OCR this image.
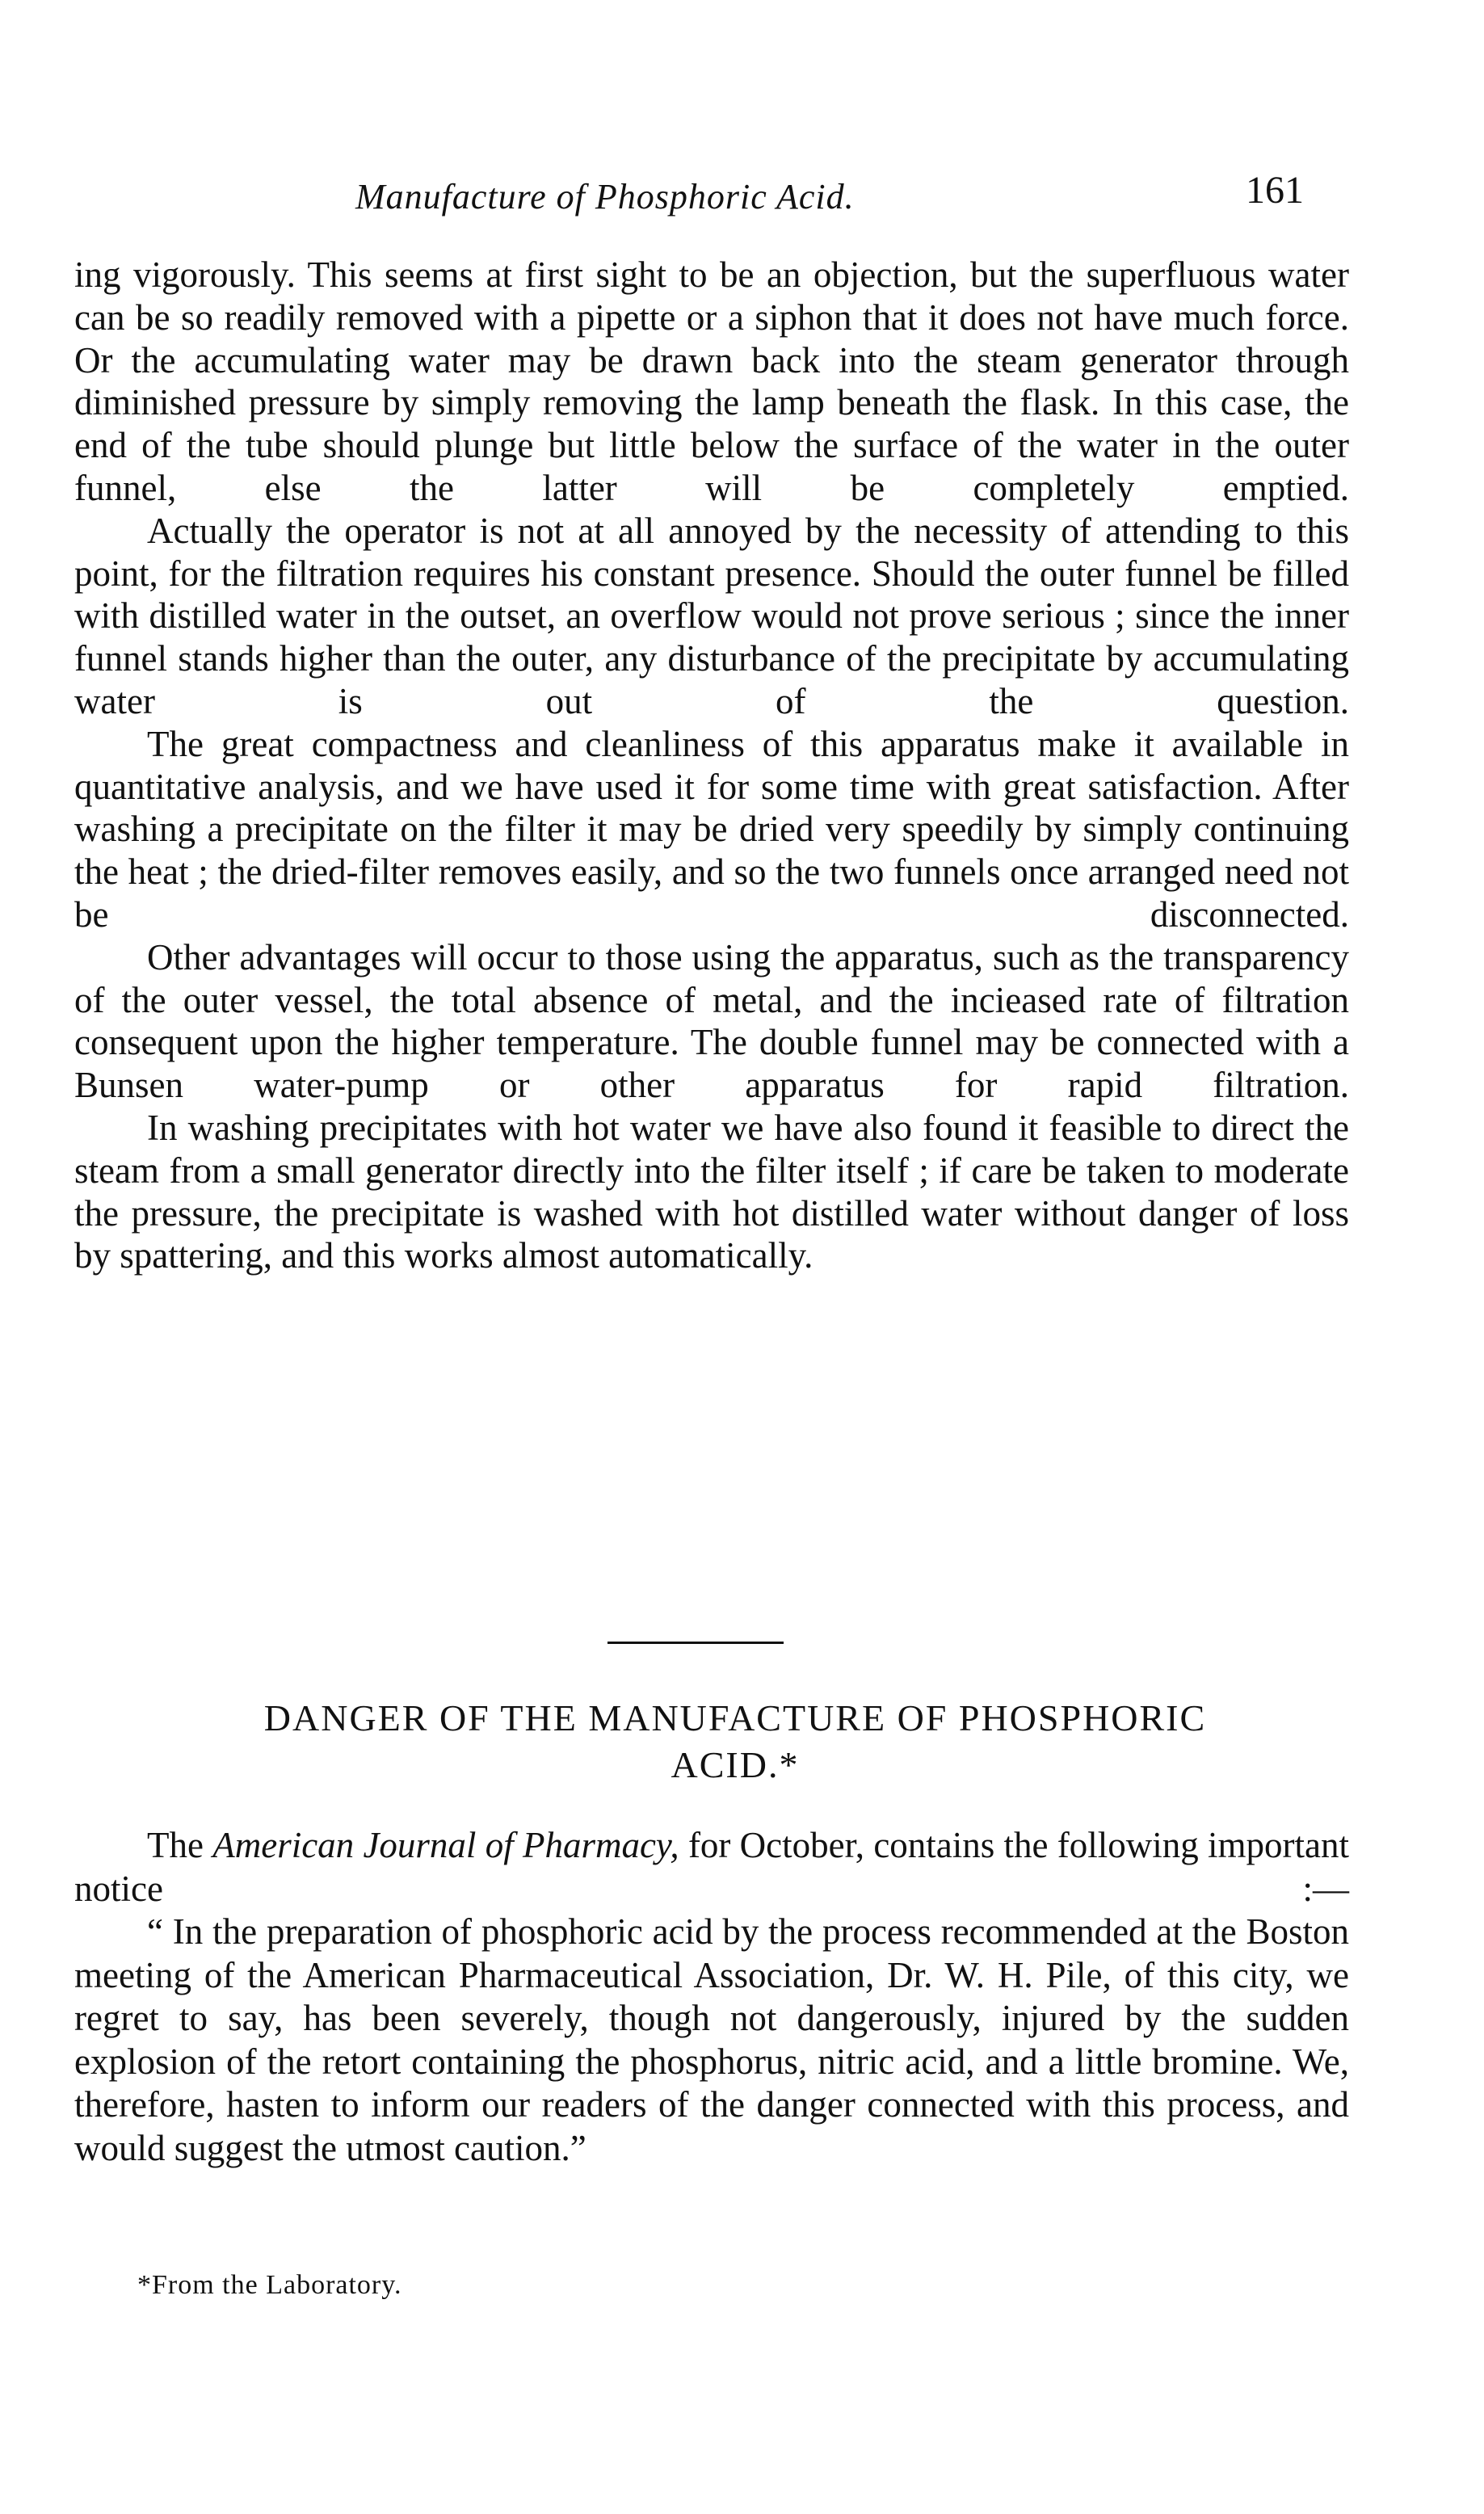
Manufacture of Phosphoric Acid.	161

ing vigorously. This seems at first sight to be an objection, but the superfluous water can be so readily removed with a pipette or a siphon that it does not have much force. Or the accumulating water may be drawn back into the steam generator through diminished pressure by simply removing the lamp beneath the flask. In this case, the end of the tube should plunge but little below the surface of the water in the outer funnel, else the latter will be completely emptied.

Actually the operator is not at all annoyed by the necessity of attending to this point, for the filtration requires his constant presence. Should the outer funnel be filled with distilled water in the outset, an overflow would not prove serious ; since the inner funnel stands higher than the outer, any disturbance of the precipitate by accumulating water is out of the question.

The great compactness and cleanliness of this apparatus make it available in quantitative analysis, and we have used it for some time with great satisfaction. After washing a precipitate on the filter it may be dried very speedily by simply continuing the heat ; the dried-filter removes easily, and so the two funnels once arranged need not be disconnected.

Other advantages will occur to those using the apparatus, such as the transparency of the outer vessel, the total absence of metal, and the incieased rate of filtration consequent upon the higher temperature. The double funnel may be connected with a Bunsen water-pump or other apparatus for rapid filtration.

In washing precipitates with hot water we have also found it feasible to direct the steam from a small generator directly into the filter itself ; if care be taken to moderate the pressure, the precipitate is washed with hot distilled water without danger of loss by spattering, and this works almost automatically.

DANGER OF THE MANUFACTURE OF PHOSPHORIC
ACID.*

The American Journal of Pharmacy, for October, contains the following important notice :—

“ In the preparation of phosphoric acid by the process recommended at the Boston meeting of the American Pharmaceutical Association, Dr. W. H. Pile, of this city, we regret to say, has been severely, though not dangerously, injured by the sudden explosion of the retort containing the phosphorus, nitric acid, and a little bromine. We, therefore, hasten to inform our readers of the danger connected with this process, and would suggest the utmost caution.”

*From the Laboratory.
